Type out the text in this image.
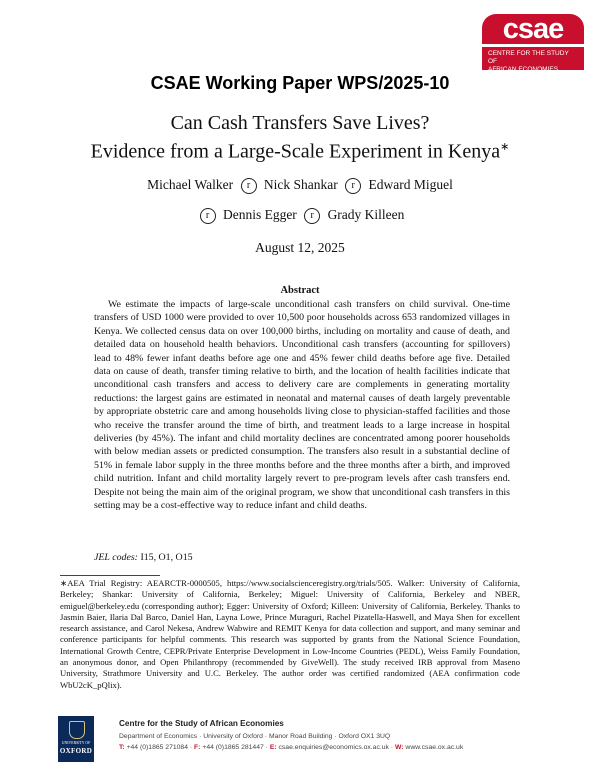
csae
CENTRE FOR THE STUDY OF
AFRICAN ECONOMIES
CSAE Working Paper WPS/2025-10
Can Cash Transfers Save Lives?
Evidence from a Large-Scale Experiment in Kenya∗
Michael Walker r Nick Shankar r Edward Miguel
r Dennis Egger r Grady Killeen
August 12, 2025
Abstract

We estimate the impacts of large-scale unconditional cash transfers on child survival. One-time transfers of USD 1000 were provided to over 10,500 poor households across 653 randomized villages in Kenya. We collected census data on over 100,000 births, including on mortality and cause of death, and detailed data on household health behaviors. Unconditional cash transfers (accounting for spillovers) lead to 48% fewer infant deaths before age one and 45% fewer child deaths before age five. Detailed data on cause of death, transfer timing relative to birth, and the location of health facilities indicate that unconditional cash transfers and access to delivery care are complements in generating mortality reductions: the largest gains are estimated in neonatal and maternal causes of death largely preventable by appropriate obstetric care and among households living close to physician-staffed facilities and those who receive the transfer around the time of birth, and treatment leads to a large increase in hospital deliveries (by 45%). The infant and child mortality declines are concentrated among poorer households with below median assets or predicted consumption. The transfers also result in a substantial decline of 51% in female labor supply in the three months before and the three months after a birth, and improved child nutrition. Infant and child mortality largely revert to pre-program levels after cash transfers end. Despite not being the main aim of the original program, we show that unconditional cash transfers in this setting may be a cost-effective way to reduce infant and child deaths.

JEL codes: I15, O1, O15

∗AEA Trial Registry: AEARCTR-0000505, https://www.socialscienceregistry.org/trials/505. Walker: University of California, Berkeley; Shankar: University of California, Berkeley; Miguel: University of California, Berkeley and NBER, emiguel@berkeley.edu (corresponding author); Egger: University of Oxford; Killeen: University of California, Berkeley. Thanks to Jasmin Baier, Ilaria Dal Barco, Daniel Han, Layna Lowe, Prince Muraguri, Rachel Pizatella-Haswell, and Maya Shen for excellent research assistance, and Carol Nekesa, Andrew Wabwire and REMIT Kenya for data collection and support, and many seminar and conference participants for helpful comments. This research was supported by grants from the National Science Foundation, International Growth Centre, CEPR/Private Enterprise Development in Low-Income Countries (PEDL), Weiss Family Foundation, an anonymous donor, and Open Philanthropy (recommended by GiveWell). The study received IRB approval from Maseno University, Strathmore University and U.C. Berkeley. The author order was certified randomized (AEA confirmation code WbU2cK_pQlix).

UNIVERSITY OF
OXFORD
Centre for the Study of African Economies
Department of Economics · University of Oxford · Manor Road Building · Oxford OX1 3UQ
T: +44 (0)1865 271084 · F: +44 (0)1865 281447 · E: csae.enquiries@economics.ox.ac.uk · W: www.csae.ox.ac.uk
